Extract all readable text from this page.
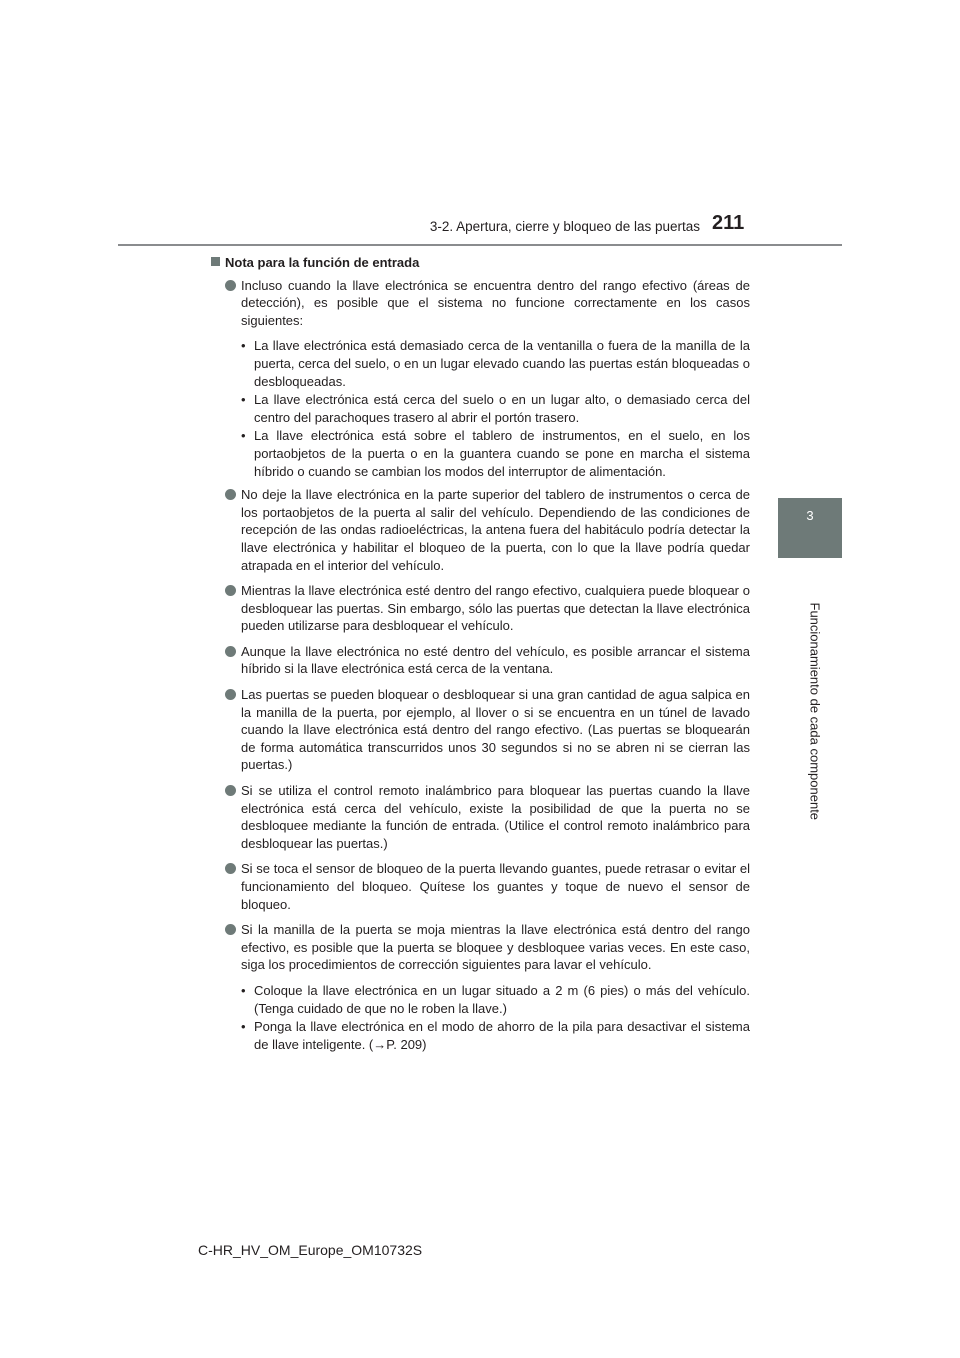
3-2. Apertura, cierre y bloqueo de las puertas 211
3
Funcionamiento de cada componente
Nota para la función de entrada
Incluso cuando la llave electrónica se encuentra dentro del rango efectivo (áreas de detección), es posible que el sistema no funcione correctamente en los casos siguientes:
• La llave electrónica está demasiado cerca de la ventanilla o fuera de la manilla de la puerta, cerca del suelo, o en un lugar elevado cuando las puertas están bloqueadas o desbloqueadas.
• La llave electrónica está cerca del suelo o en un lugar alto, o demasiado cerca del centro del parachoques trasero al abrir el portón trasero.
• La llave electrónica está sobre el tablero de instrumentos, en el suelo, en los portaobjetos de la puerta o en la guantera cuando se pone en marcha el sistema híbrido o cuando se cambian los modos del interruptor de alimentación.
No deje la llave electrónica en la parte superior del tablero de instrumentos o cerca de los portaobjetos de la puerta al salir del vehículo. Dependiendo de las condiciones de recepción de las ondas radioeléctricas, la antena fuera del habitáculo podría detectar la llave electrónica y habilitar el bloqueo de la puerta, con lo que la llave podría quedar atrapada en el interior del vehículo.
Mientras la llave electrónica esté dentro del rango efectivo, cualquiera puede bloquear o desbloquear las puertas. Sin embargo, sólo las puertas que detectan la llave electrónica pueden utilizarse para desbloquear el vehículo.
Aunque la llave electrónica no esté dentro del vehículo, es posible arrancar el sistema híbrido si la llave electrónica está cerca de la ventana.
Las puertas se pueden bloquear o desbloquear si una gran cantidad de agua salpica en la manilla de la puerta, por ejemplo, al llover o si se encuentra en un túnel de lavado cuando la llave electrónica está dentro del rango efectivo. (Las puertas se bloquearán de forma automática transcurridos unos 30 segundos si no se abren ni se cierran las puertas.)
Si se utiliza el control remoto inalámbrico para bloquear las puertas cuando la llave electrónica está cerca del vehículo, existe la posibilidad de que la puerta no se desbloquee mediante la función de entrada. (Utilice el control remoto inalámbrico para desbloquear las puertas.)
Si se toca el sensor de bloqueo de la puerta llevando guantes, puede retrasar o evitar el funcionamiento del bloqueo. Quítese los guantes y toque de nuevo el sensor de bloqueo.
Si la manilla de la puerta se moja mientras la llave electrónica está dentro del rango efectivo, es posible que la puerta se bloquee y desbloquee varias veces. En este caso, siga los procedimientos de corrección siguientes para lavar el vehículo.
• Coloque la llave electrónica en un lugar situado a 2 m (6 pies) o más del vehículo. (Tenga cuidado de que no le roben la llave.)
• Ponga la llave electrónica en el modo de ahorro de la pila para desactivar el sistema de llave inteligente. (→P. 209)
C-HR_HV_OM_Europe_OM10732S
